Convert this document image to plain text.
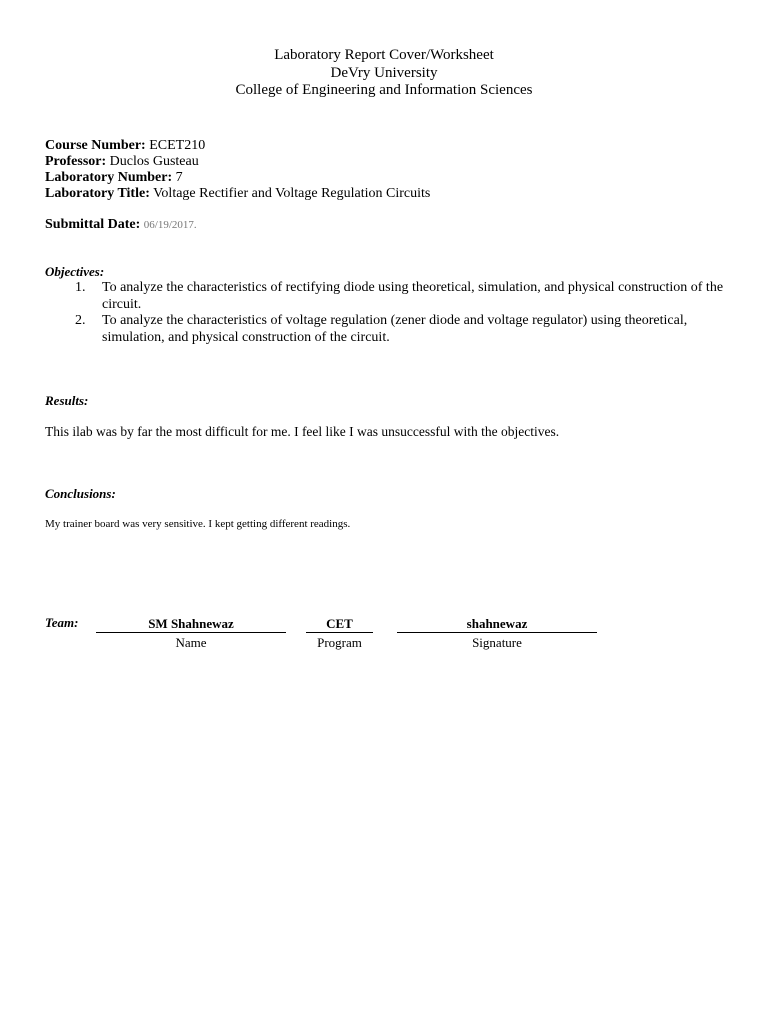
Laboratory Report Cover/Worksheet
DeVry University
College of Engineering and Information Sciences
Course Number: ECET210
Professor: Duclos Gusteau
Laboratory Number: 7
Laboratory Title: Voltage Rectifier and Voltage Regulation Circuits
Submittal Date: 06/19/2017.
Objectives:
1.	To analyze the characteristics of rectifying diode using theoretical, simulation, and physical construction of the circuit.
2.	To analyze the characteristics of voltage regulation (zener diode and voltage regulator) using theoretical, simulation, and physical construction of the circuit.
Results:
This ilab was by far the most difficult for me. I feel like I was unsuccessful with the objectives.
Conclusions:
My trainer board was very sensitive. I kept getting different readings.
Team:	SM Shahnewaz
Name
CET
Program
shahnewaz
Signature
